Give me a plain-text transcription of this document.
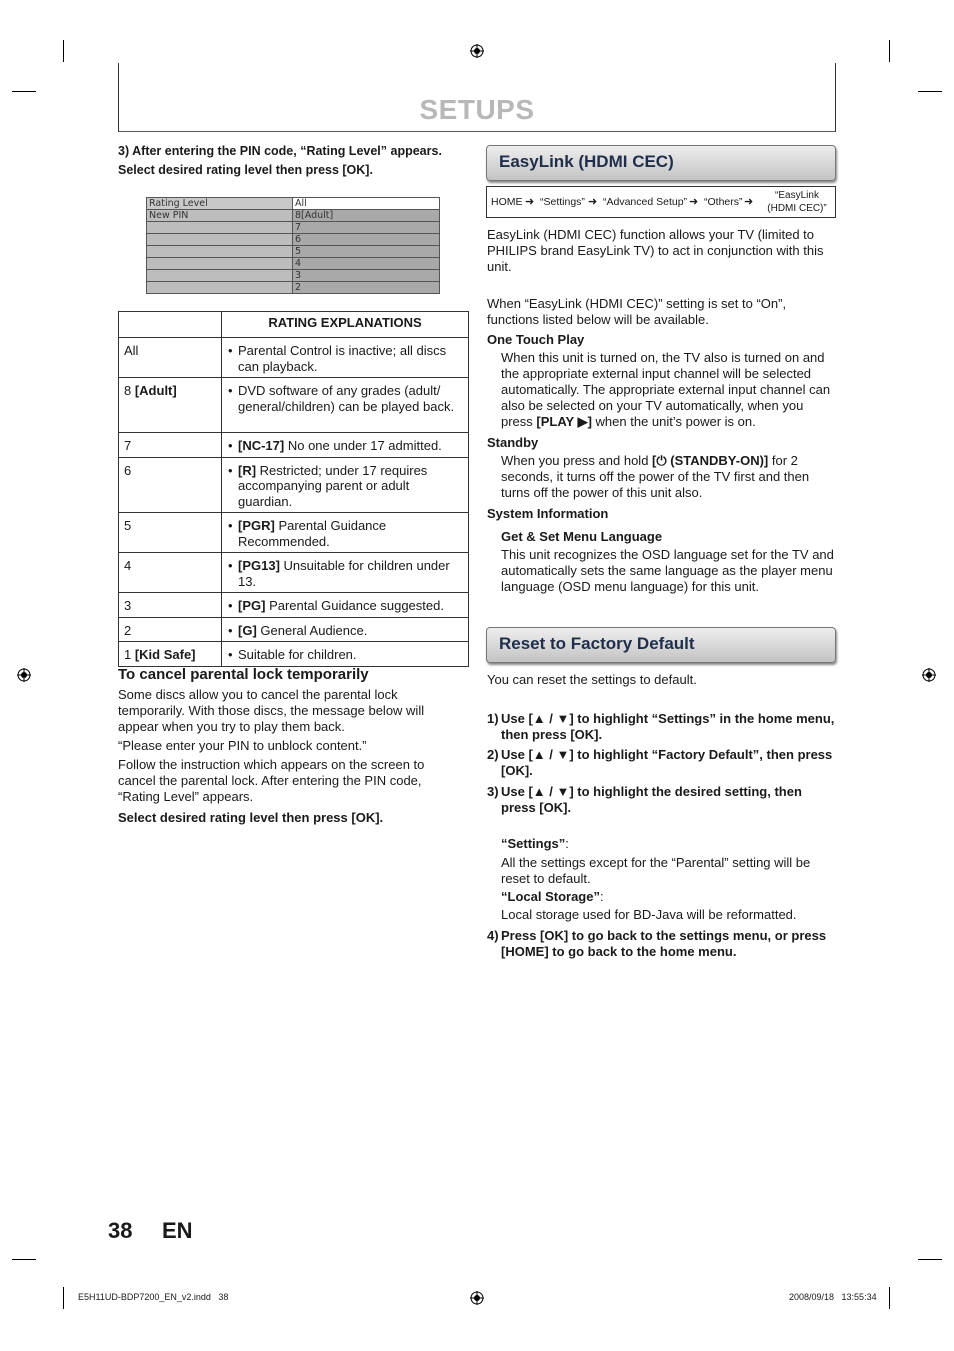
SETUPS
3) After entering the PIN code, “Rating Level” appears.
Select desired rating level then press [OK].
Rating Level	All
New PIN	8[Adult]
	7
	6
	5
	4
	3
	2
	RATING EXPLANATIONS
All	• Parental Control is inactive; all discs can playback.

8 [Adult]	• DVD software of any grades (adult/ general/children) can be played back.

7	• [NC-17] No one under 17 admitted.

6	• [R] Restricted; under 17 requires accompanying parent or adult guardian.

5	• [PGR] Parental Guidance Recommended.

4	• [PG13] Unsuitable for children under 13.

3	• [PG] Parental Guidance suggested.

2	• [G] General Audience.

1 [Kid Safe]	• Suitable for children.
To cancel parental lock temporarily
Some discs allow you to cancel the parental lock temporarily. With those discs, the message below will appear when you try to play them back.
“Please enter your PIN to unblock content.”
Follow the instruction which appears on the screen to cancel the parental lock. After entering the PIN code, “Rating Level” appears.
Select desired rating level then press [OK].
EasyLink (HDMI CEC)
HOME ➜ “Settings” ➜ “Advanced Setup” ➜ “Others” ➜
“EasyLink
(HDMI CEC)”
EasyLink (HDMI CEC) function allows your TV (limited to PHILIPS brand EasyLink TV) to act in conjunction with this unit.
When “EasyLink (HDMI CEC)” setting is set to “On”, functions listed below will be available.
One Touch Play
When this unit is turned on, the TV also is turned on and the appropriate external input channel will be selected automatically. The appropriate external input channel can also be selected on your TV automatically, when you press [PLAY ▶] when the unit’s power is on.
Standby
When you press and hold [⏻ (STANDBY-ON)] for 2 seconds, it turns off the power of the TV first and then turns off the power of this unit also.
System Information
Get & Set Menu Language
This unit recognizes the OSD language set for the TV and automatically sets the same language as the player menu language (OSD menu language) for this unit.
Reset to Factory Default
You can reset the settings to default.
1) Use [▲ / ▼] to highlight “Settings” in the home menu, then press [OK].
2) Use [▲ / ▼] to highlight “Factory Default”, then press [OK].
3) Use [▲ / ▼] to highlight the desired setting, then press [OK].
“Settings”:
All the settings except for the “Parental” setting will be reset to default.
“Local Storage”:
Local storage used for BD-Java will be reformatted.
4) Press [OK] to go back to the settings menu, or press [HOME] to go back to the home menu.
38 EN
E5H11UD-BDP7200_EN_v2.indd   38	2008/09/18   13:55:34
